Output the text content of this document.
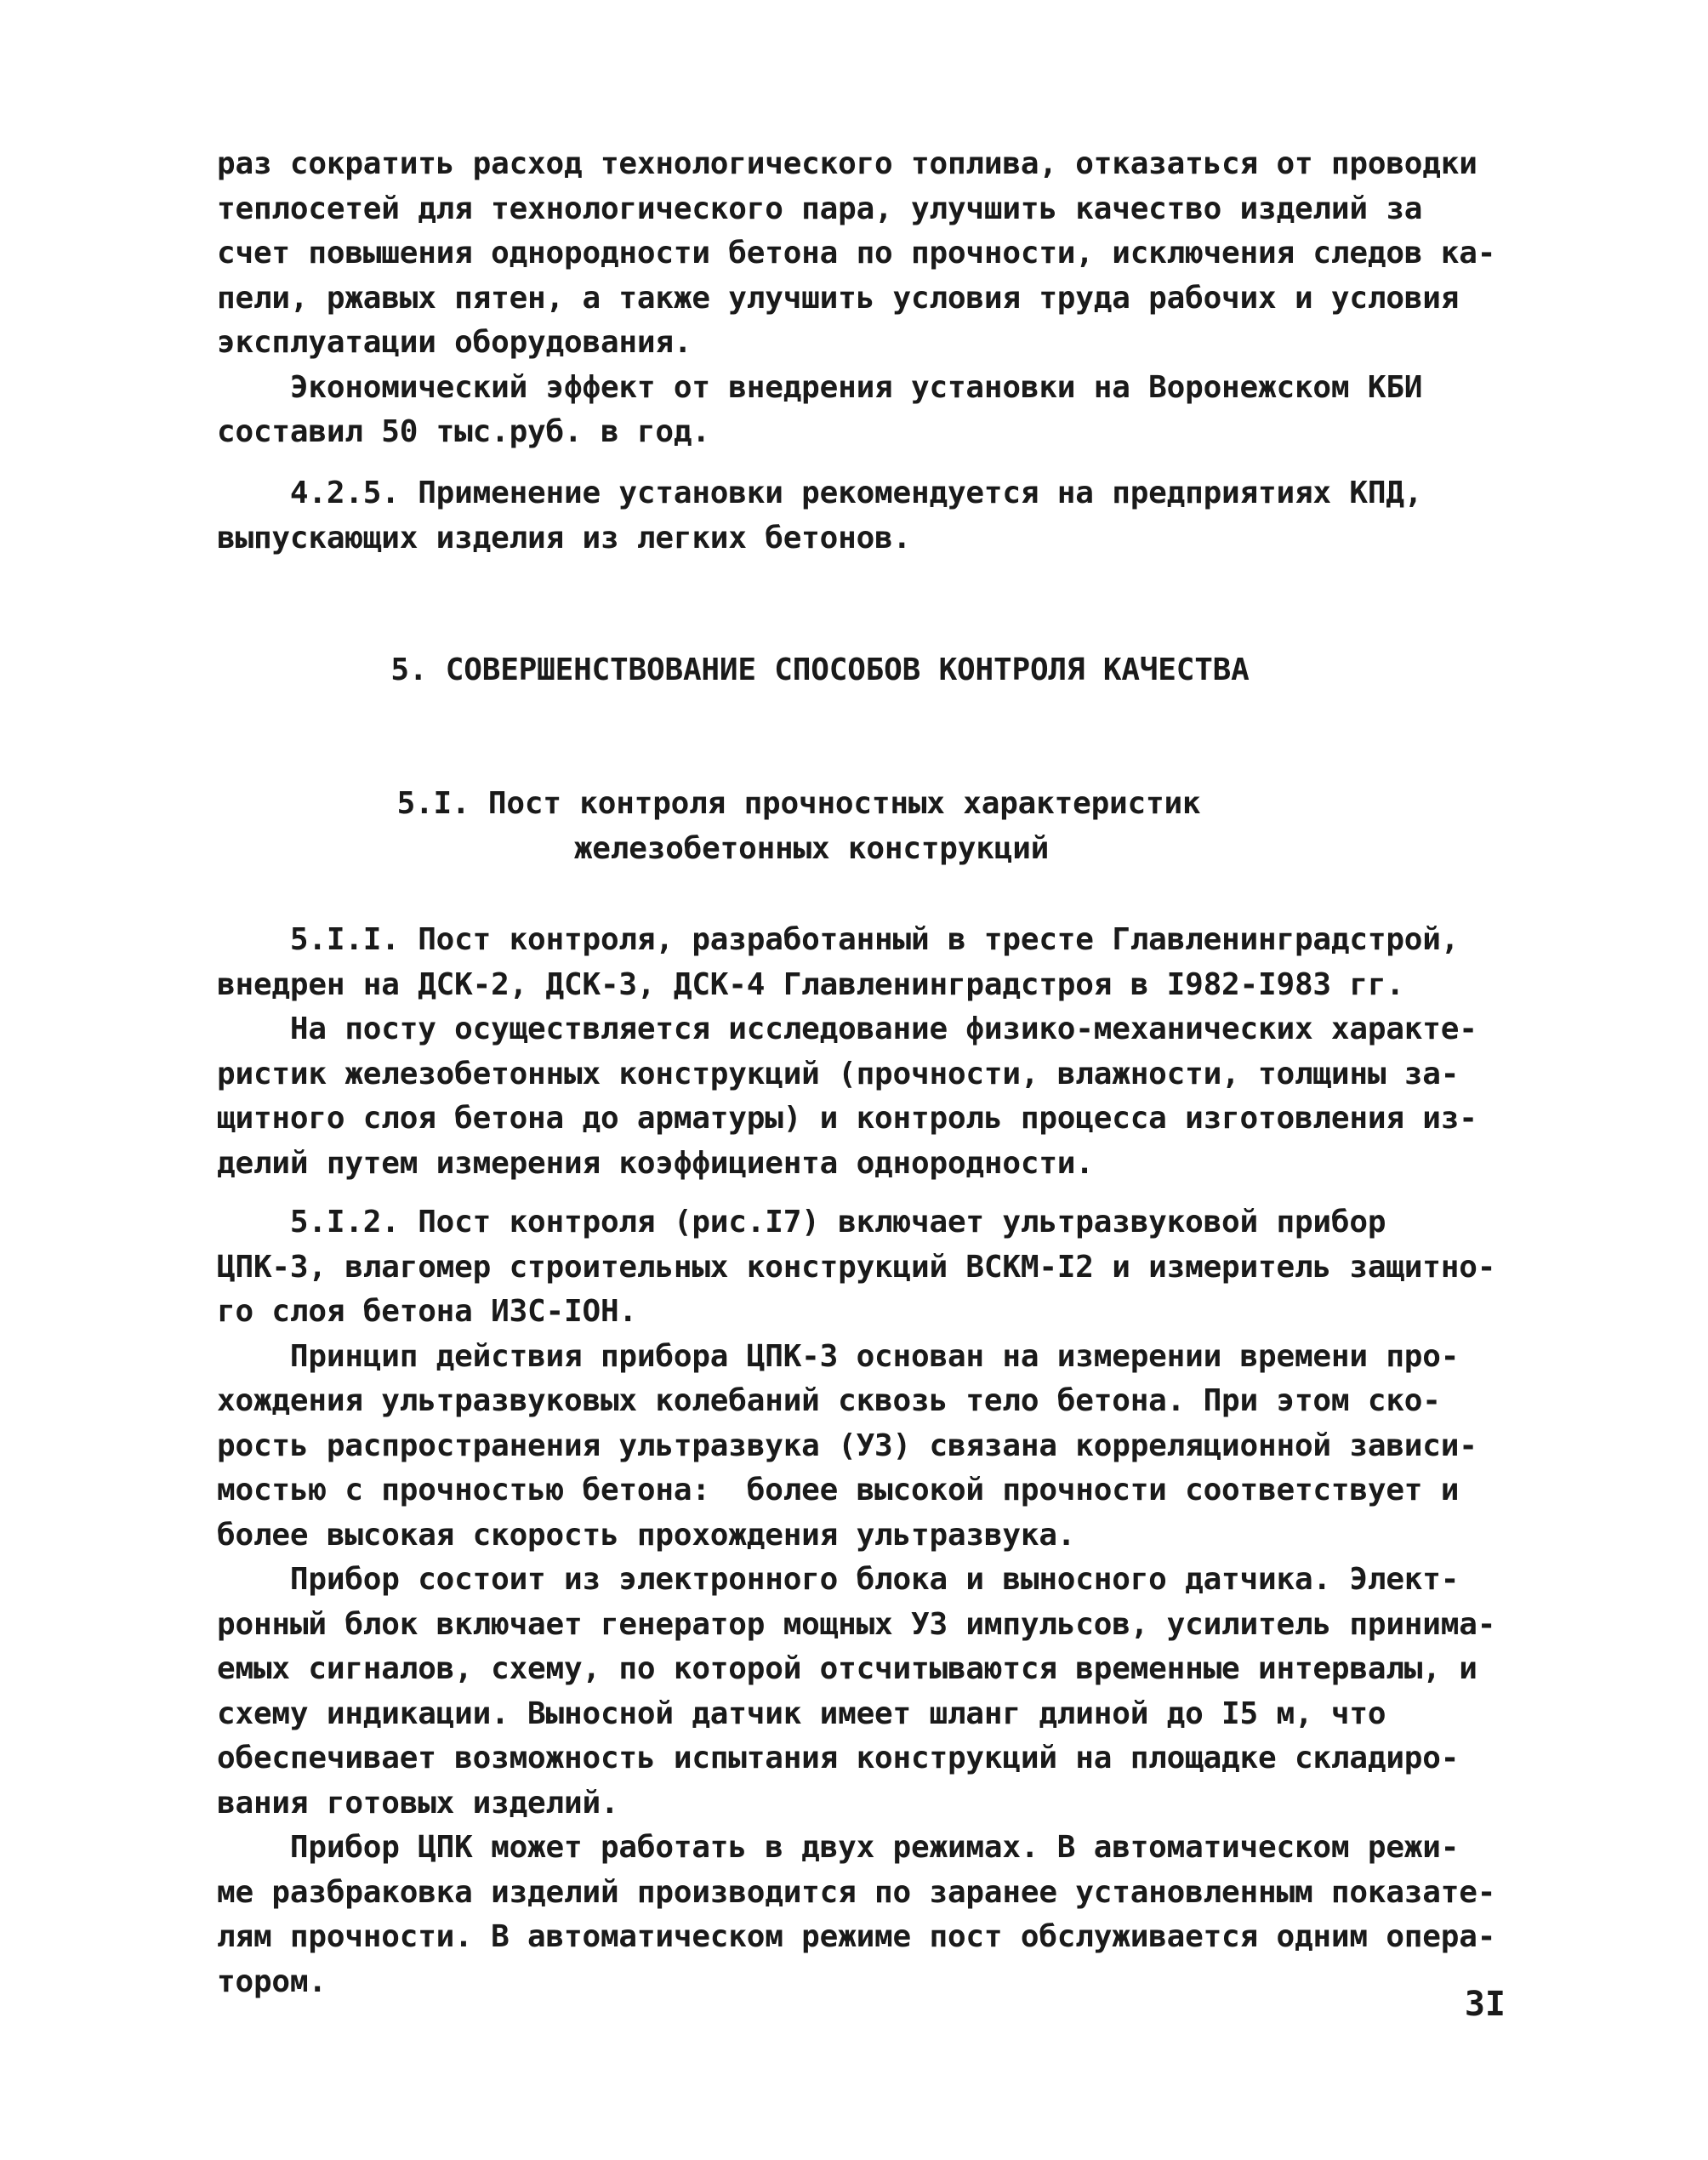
раз сократить расход технологического топлива, отказаться от проводки
теплосетей для технологического пара, улучшить качество изделий за
счет повышения однородности бетона по прочности, исключения следов ка-
пели, ржавых пятен, а также улучшить условия труда рабочих и условия
эксплуатации оборудования.
Экономический эффект от внедрения установки на Воронежском КБИ
составил 50 тыс.руб. в год.
4.2.5. Применение установки рекомендуется на предприятиях КПД,
выпускающих изделия из легких бетонов.
5. СОВЕРШЕНСТВОВАНИЕ СПОСОБОВ КОНТРОЛЯ КАЧЕСТВА
5.I. Пост контроля прочностных характеристик
железобетонных конструкций
5.I.I. Пост контроля, разработанный в тресте Главленинградстрой,
внедрен на ДСК-2, ДСК-3, ДСК-4 Главленинградстроя в I982-I983 гг.
На посту осуществляется исследование физико-механических характе-
ристик железобетонных конструкций (прочности, влажности, толщины за-
щитного слоя бетона до арматуры) и контроль процесса изготовления из-
делий путем измерения коэффициента однородности.
5.I.2. Пост контроля (рис.I7) включает ультразвуковой прибор
ЦПК-3, влагомер строительных конструкций ВСКМ-I2 и измеритель защитно-
го слоя бетона ИЗС-IОН.
Принцип действия прибора ЦПК-3 основан на измерении времени про-
хождения ультразвуковых колебаний сквозь тело бетона. При этом ско-
рость распространения ультразвука (УЗ) связана корреляционной зависи-
мостью с прочностью бетона:  более высокой прочности соответствует и
более высокая скорость прохождения ультразвука.
Прибор состоит из электронного блока и выносного датчика. Элект-
ронный блок включает генератор мощных УЗ импульсов, усилитель принима-
емых сигналов, схему, по которой отсчитываются временные интервалы, и
схему индикации. Выносной датчик имеет шланг длиной до I5 м, что
обеспечивает возможность испытания конструкций на площадке складиро-
вания готовых изделий.
Прибор ЦПК может работать в двух режимах. В автоматическом режи-
ме разбраковка изделий производится по заранее установленным показате-
лям прочности. В автоматическом режиме пост обслуживается одним опера-
тором.
3I
